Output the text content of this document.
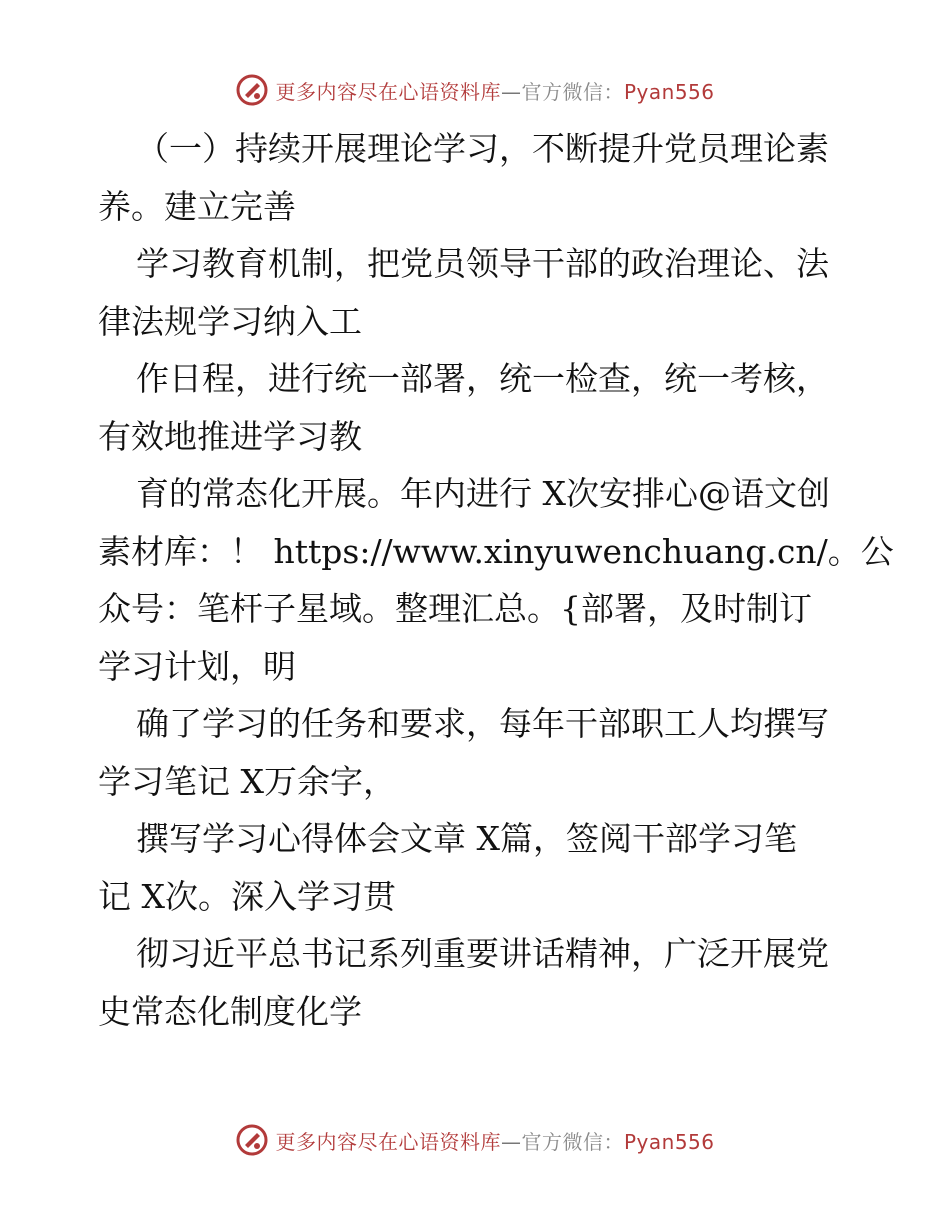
更多内容尽在心语资料库—官方微信：Pyan556

（一）持续开展理论学习，不断提升党员理论素
养。建立完善

学习教育机制，把党员领导干部的政治理论、法
律法规学习纳入工

作日程，进行统一部署，统一检查，统一考核，
有效地推进学习教

育的常态化开展。年内进行 X次安排心@语文创
素材库：！ https://www.xinyuwenchuang.cn/。公
众号：笔杆子星域。整理汇总。{部署，及时制订
学习计划，明

确了学习的任务和要求，每年干部职工人均撰写
学习笔记 X万余字，

撰写学习心得体会文章 X篇，签阅干部学习笔
记 X次。深入学习贯

彻习近平总书记系列重要讲话精神，广泛开展党
史常态化制度化学

更多内容尽在心语资料库—官方微信：Pyan556
